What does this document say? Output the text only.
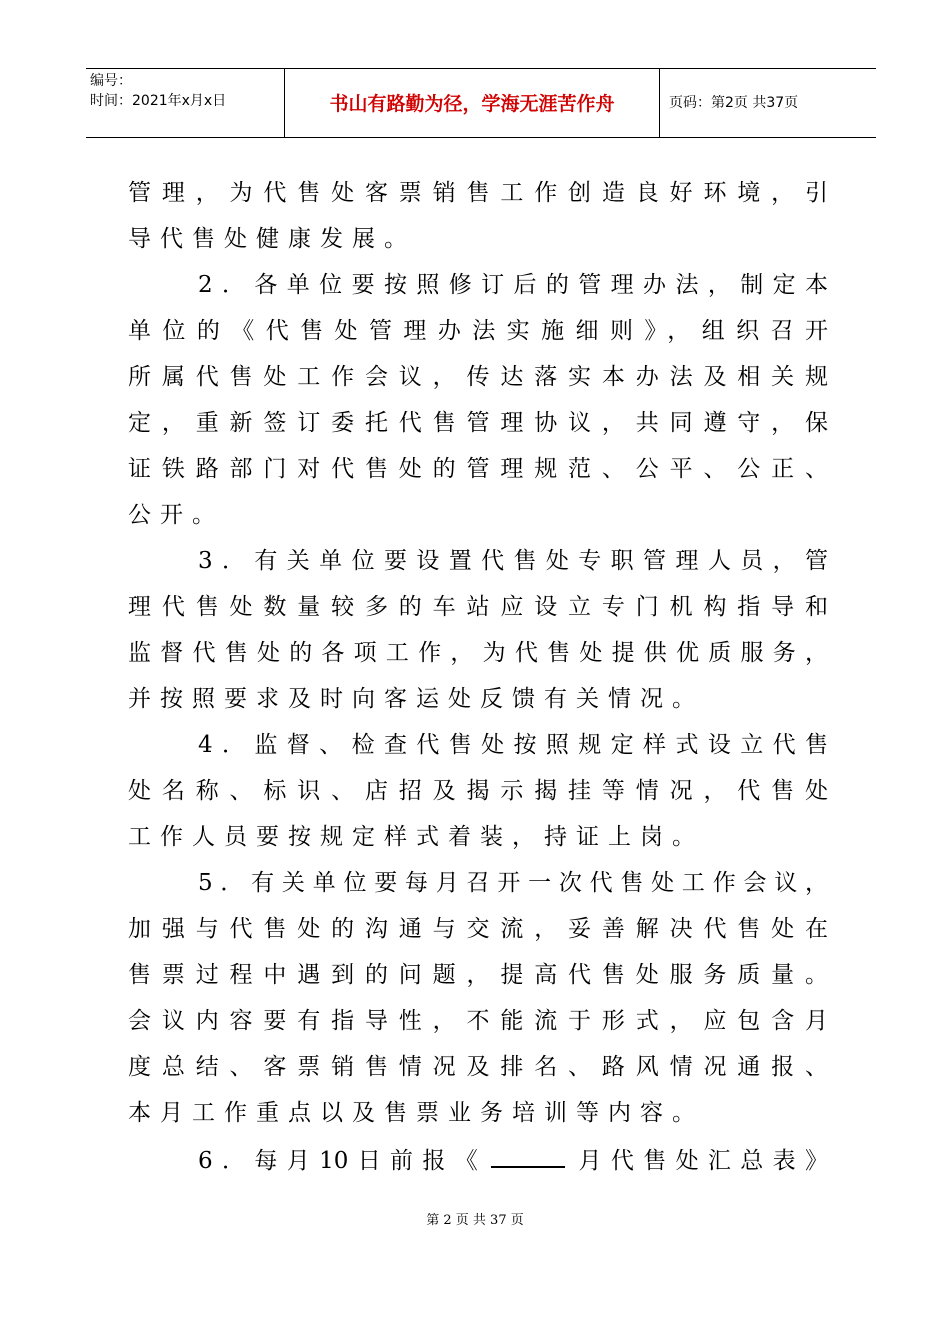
编号：
时间：2021年x月x日	书山有路勤为径，学海无涯苦作舟	页码：第2页 共37页
管理，为代售处客票销售工作创造良好环境，引
导代售处健康发展。
2．各单位要按照修订后的管理办法，制定本
单位的《代售处管理办法实施细则》，组织召开
所属代售处工作会议，传达落实本办法及相关规
定，重新签订委托代售管理协议，共同遵守，保
证铁路部门对代售处的管理规范、公平、公正、
公开。
3．有关单位要设置代售处专职管理人员，管
理代售处数量较多的车站应设立专门机构指导和
监督代售处的各项工作，为代售处提供优质服务，
并按照要求及时向客运处反馈有关情况。
4．监督、检查代售处按照规定样式设立代售
处名称、标识、店招及揭示揭挂等情况，代售处
工作人员要按规定样式着装，持证上岗。
5．有关单位要每月召开一次代售处工作会议，
加强与代售处的沟通与交流，妥善解决代售处在
售票过程中遇到的问题，提高代售处服务质量。
会议内容要有指导性，不能流于形式，应包含月
度总结、客票销售情况及排名、路风情况通报、
本月工作重点以及售票业务培训等内容。
6．每月10日前报《	月代售处汇总表》
第 2 页 共 37 页
